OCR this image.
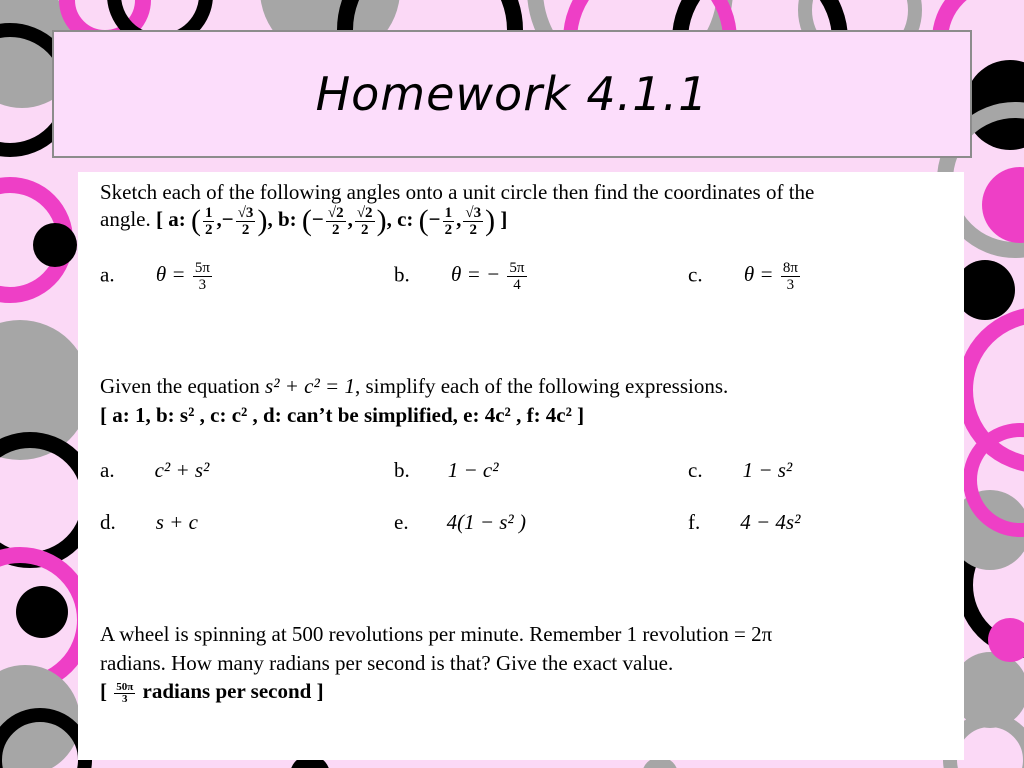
Homework 4.1.1
Sketch each of the following angles onto a unit circle then find the coordinates of the
angle. [ a: ( $\frac{1}{2}$ ,− $\frac{√3}{2}$ ), b: (− $\frac{√2}{2}$ , $\frac{√2}{2}$ ), c: (− $\frac{1}{2}$ , $\frac{√3}{2}$ ) ]
a. $\theta = \frac{5\pi}{3}$	b. θ = − $\frac{5\pi}{4}$	c. $\theta = \frac{8\pi}{3}$
Given the equation s² + c² = 1, simplify each of the following expressions.
[ a: 1, b: s² , c: c² , d: can’t be simplified, e: 4c² , f: 4c² ]
a. c² + s²	b. 1 − c²	c. 1 − s²
d. s + c	e. 4(1 − s² )	f. 4 − 4s²
A wheel is spinning at 500 revolutions per minute. Remember 1 revolution = 2π
radians. How many radians per second is that? Give the exact value.
[ $\frac{50\pi}{3}$ radians per second ]
